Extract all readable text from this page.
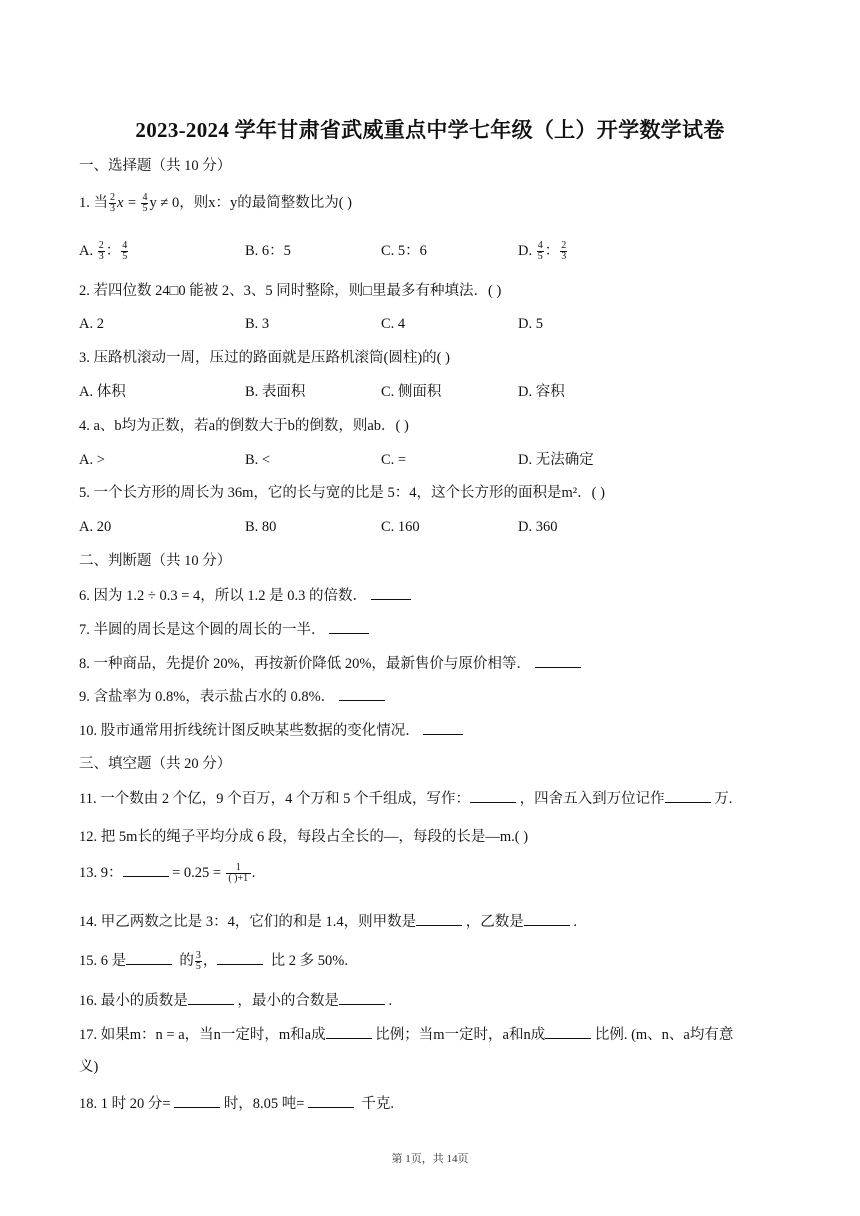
2023-2024 学年甘肃省武威重点中学七年级（上）开学数学试卷
一、选择题（共 10 分）
1. 当 $\frac{2}{3}$ $x = \frac{4}{5}$ y ≠ 0，则x：y的最简整数比为( )
A. $\frac{2}{3}$ ： $\frac{4}{5}$	B. 6：5	C. 5：6	D. $\frac{4}{5}$ ： $\frac{2}{3}$
2. 若四位数 24□0 能被 2、3、5 同时整除，则□里最多有种填法．( )
A. 2	B. 3	C. 4	D. 5
3. 压路机滚动一周，压过的路面就是压路机滚筒(圆柱)的( )
A. 体积	B. 表面积	C. 侧面积	D. 容积
4. a、b均为正数，若a的倒数大于b的倒数，则ab．( )
A. >	B. <	C. =	D. 无法确定
5. 一个长方形的周长为 36m，它的长与宽的比是 5：4，这个长方形的面积是m²．( )
A. 20	B. 80	C. 160	D. 360
二、判断题（共 10 分）
6. 因为 1.2 ÷ 0.3 = 4，所以 1.2 是 0.3 的倍数．
7. 半圆的周长是这个圆的周长的一半．
8. 一种商品，先提价 20%，再按新价降低 20%，最新售价与原价相等．
9. 含盐率为 0.8%，表示盐占水的 0.8%．
10. 股市通常用折线统计图反映某些数据的变化情况．
三、填空题（共 20 分）
11. 一个数由 2 个亿，9 个百万，4 个万和 5 个千组成，写作：	，四舍五入到万位记作	万.
12. 把 5m长的绳子平均分成 6 段，每段占全长的—，每段的长是—m.( )
13. 9：	= $0.25 = \frac{1}{( )+1}$ .
14. 甲乙两数之比是 3：4，它们的和是 1.4，则甲数是	，乙数是	.
15. 6 是	的 $\frac{3}{5}$ ，	比 2 多 50%.
16. 最小的质数是	，最小的合数是	.
17. 如果m：n = a，当n一定时，m和a成	比例；当m一定时，a和n成	比例. (m、n、a均有意
义)
18. 1 时 20 分=	时，8.05 吨=	千克.
第 1页，共 14页
